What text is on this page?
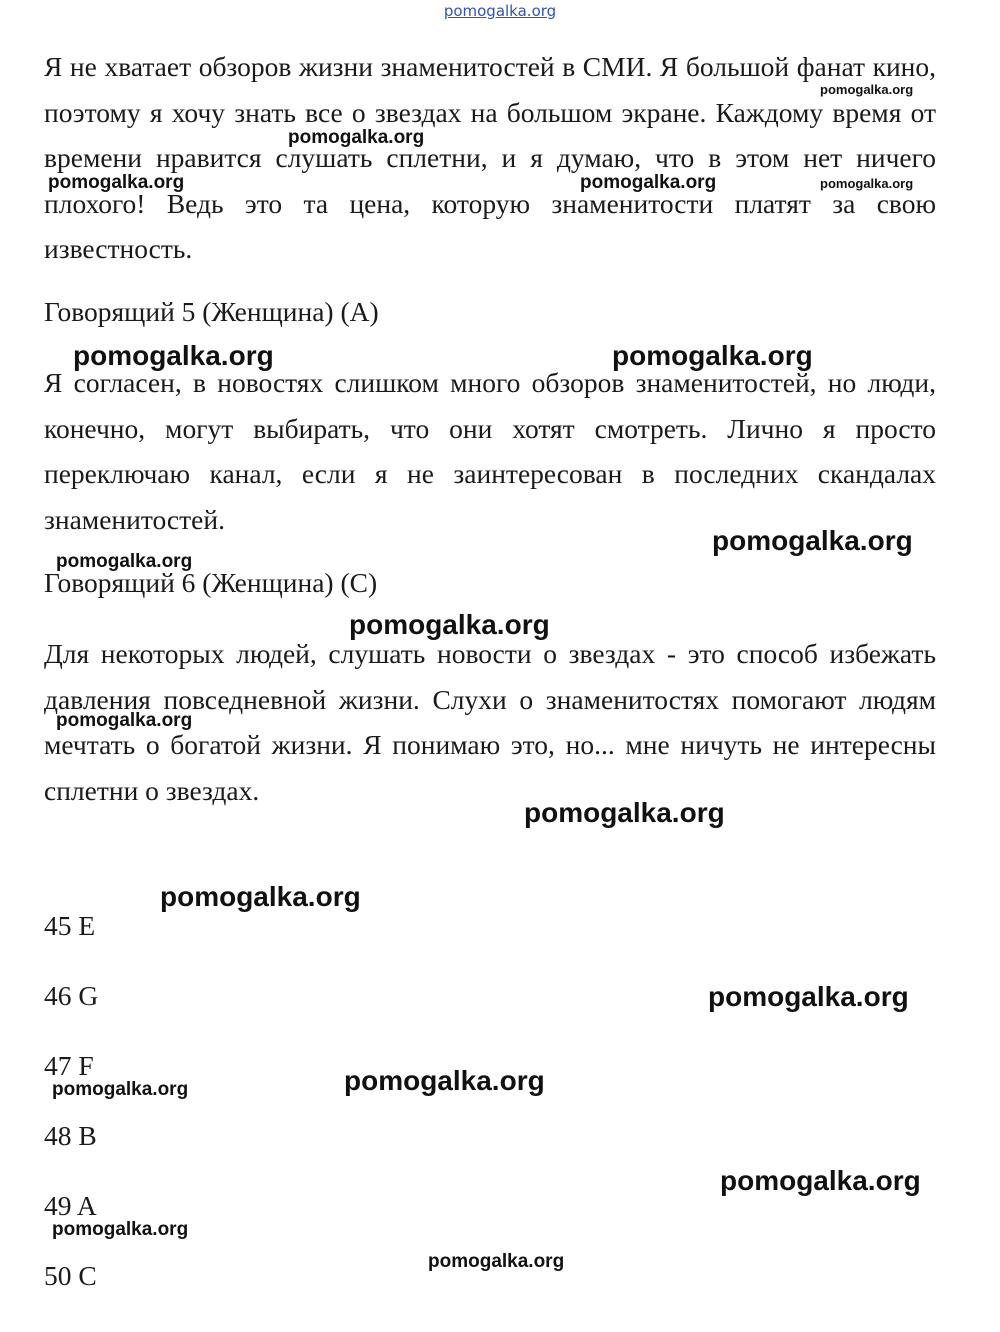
pomogalka.org

Я не хватает обзоров жизни знаменитостей в СМИ. Я большой фанат кино, поэтому я хочу знать все о звездах на большом экране. Каждому время от времени нравится слушать сплетни, и я думаю, что в этом нет ничего плохого! Ведь это та цена, которую знаменитости платят за свою известность.

Говорящий 5 (Женщина) (А)

Я согласен, в новостях слишком много обзоров знаменитостей, но люди, конечно, могут выбирать, что они хотят смотреть. Лично я просто переключаю канал, если я не заинтересован в последних скандалах знаменитостей.

Говорящий 6 (Женщина) (С)

Для некоторых людей, слушать новости о звездах - это способ избежать давления повседневной жизни. Слухи о знаменитостях помогают людям мечтать о богатой жизни. Я понимаю это, но... мне ничуть не интересны сплетни о звездах.

45 E

46 G

47 F

48 B

49 A

50 C

pomogalka.org
pomogalka.org
pomogalka.org	pomogalka.org	pomogalka.org
pomogalka.org	pomogalka.org
pomogalka.org
pomogalka.org
pomogalka.org
pomogalka.org
pomogalka.org
pomogalka.org
pomogalka.org
pomogalka.org
pomogalka.org
pomogalka.org
pomogalka.org
pomogalka.org
